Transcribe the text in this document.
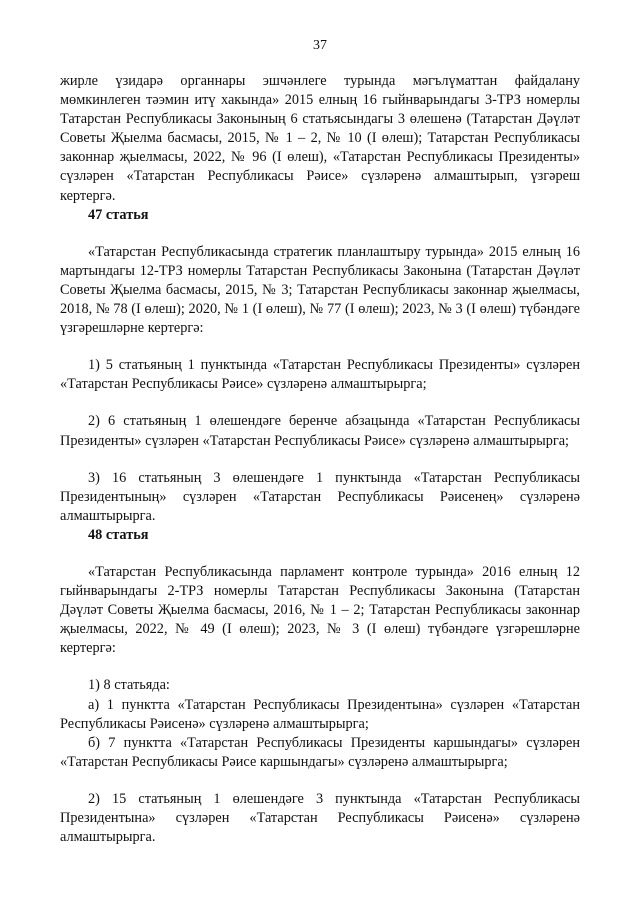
37

жирле үзидарә органнары эшчәнлеге турында мәгълүматтан файдалану мөмкинлеген тәэмин итү хакында» 2015 елның 16 гыйнварындагы 3-ТРЗ номерлы Татарстан Республикасы Законының 6 статьясындагы 3 өлешенә (Татарстан Дәүләт Советы Җыелма басмасы, 2015, № 1 – 2, № 10 (I өлеш); Татарстан Республикасы законнар җыелмасы, 2022, № 96 (I өлеш), «Татарстан Республикасы Президенты» сүзләрен «Татарстан Республикасы Рәисе» сүзләренә алмаштырып, үзгәреш кертергә.

47 статья

«Татарстан Республикасында стратегик планлаштыру турында» 2015 елның 16 мартындагы 12-ТРЗ номерлы Татарстан Республикасы Законына (Татарстан Дәүләт Советы Җыелма басмасы, 2015, № 3; Татарстан Республикасы законнар җыелмасы, 2018, № 78 (I өлеш); 2020, № 1 (I өлеш), № 77 (I өлеш); 2023, № 3 (I өлеш) түбәндәге үзгәрешләрне кертергә:

1) 5 статьяның 1 пунктында «Татарстан Республикасы Президенты» сүзләрен «Татарстан Республикасы Рәисе» сүзләренә алмаштырырга;

2) 6 статьяның 1 өлешендәге беренче абзацында «Татарстан Республикасы Президенты» сүзләрен «Татарстан Республикасы Рәисе» сүзләренә алмаштырырга;

3) 16 статьяның 3 өлешендәге 1 пунктында «Татарстан Республикасы Президентының» сүзләрен «Татарстан Республикасы Рәисенең» сүзләренә алмаштырырга.

48 статья

«Татарстан Республикасында парламент контроле турында» 2016 елның 12 гыйнварындагы 2-ТРЗ номерлы Татарстан Республикасы Законына (Татарстан Дәүләт Советы Җыелма басмасы, 2016, № 1 – 2; Татарстан Республикасы законнар җыелмасы, 2022, № 49 (I өлеш); 2023, № 3 (I өлеш) түбәндәге үзгәрешләрне кертергә:

1) 8 статьяда:

а) 1 пунктта «Татарстан Республикасы Президентына» сүзләрен «Татарстан Республикасы Рәисенә» сүзләренә алмаштырырга;

б) 7 пунктта «Татарстан Республикасы Президенты каршындагы» сүзләрен «Татарстан Республикасы Рәисе каршындагы» сүзләренә алмаштырырга;

2) 15 статьяның 1 өлешендәге 3 пунктында «Татарстан Республикасы Президентына» сүзләрен «Татарстан Республикасы Рәисенә» сүзләренә алмаштырырга.
